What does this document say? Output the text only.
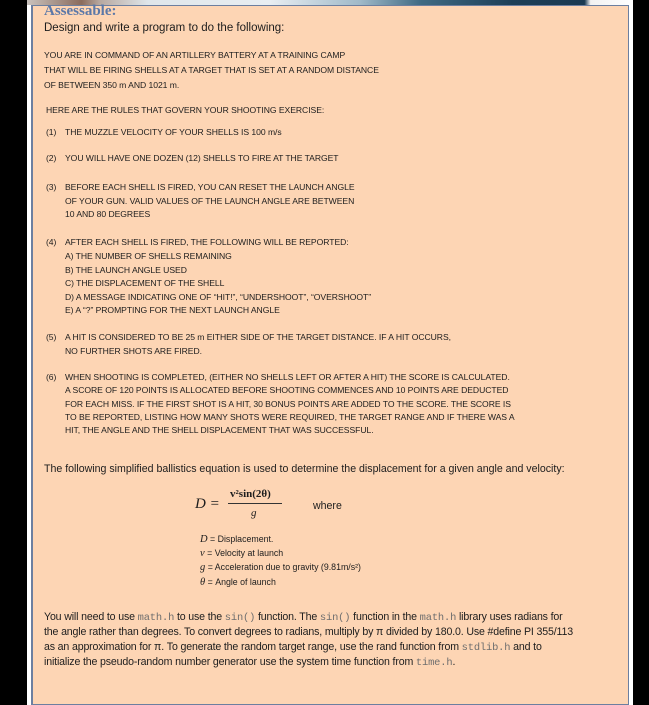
Assessable:
Design and write a program to do the following:
YOU ARE IN COMMAND OF AN ARTILLERY BATTERY AT A TRAINING CAMP
THAT WILL BE FIRING SHELLS AT A TARGET THAT IS SET AT A RANDOM DISTANCE
OF BETWEEN 350 m AND 1021 m.
HERE ARE THE RULES THAT GOVERN YOUR SHOOTING EXERCISE:
(1) THE MUZZLE VELOCITY OF YOUR SHELLS IS 100 m/s
(2) YOU WILL HAVE ONE DOZEN (12) SHELLS TO FIRE AT THE TARGET
(3) BEFORE EACH SHELL IS FIRED, YOU CAN RESET THE LAUNCH ANGLE
OF YOUR GUN. VALID VALUES OF THE LAUNCH ANGLE ARE BETWEEN
10 AND 80 DEGREES
(4) AFTER EACH SHELL IS FIRED, THE FOLLOWING WILL BE REPORTED:
A) THE NUMBER OF SHELLS REMAINING
B) THE LAUNCH ANGLE USED
C) THE DISPLACEMENT OF THE SHELL
D) A MESSAGE INDICATING ONE OF “HIT!”, “UNDERSHOOT”, “OVERSHOOT”
E) A “?” PROMPTING FOR THE NEXT LAUNCH ANGLE
(5) A HIT IS CONSIDERED TO BE 25 m EITHER SIDE OF THE TARGET DISTANCE. IF A HIT OCCURS,
NO FURTHER SHOTS ARE FIRED.
(6) WHEN SHOOTING IS COMPLETED, (EITHER NO SHELLS LEFT OR AFTER A HIT) THE SCORE IS CALCULATED.
A SCORE OF 120 POINTS IS ALLOCATED BEFORE SHOOTING COMMENCES AND 10 POINTS ARE DEDUCTED
FOR EACH MISS. IF THE FIRST SHOT IS A HIT, 30 BONUS POINTS ARE ADDED TO THE SCORE. THE SCORE IS
TO BE REPORTED, LISTING HOW MANY SHOTS WERE REQUIRED, THE TARGET RANGE AND IF THERE WAS A
HIT, THE ANGLE AND THE SHELL DISPLACEMENT THAT WAS SUCCESSFUL.
The following simplified ballistics equation is used to determine the displacement for a given angle and velocity:
D =
v²sin(2θ)
g
where
D = Displacement.
v = Velocity at launch
g = Acceleration due to gravity (9.81m/s²)
θ = Angle of launch
You will need to use math.h to use the sin() function. The sin() function in the math.h library uses radians for
the angle rather than degrees. To convert degrees to radians, multiply by π divided by 180.0. Use #define PI 355/113
as an approximation for π. To generate the random target range, use the rand function from stdlib.h and to
initialize the pseudo-random number generator use the system time function from time.h.
